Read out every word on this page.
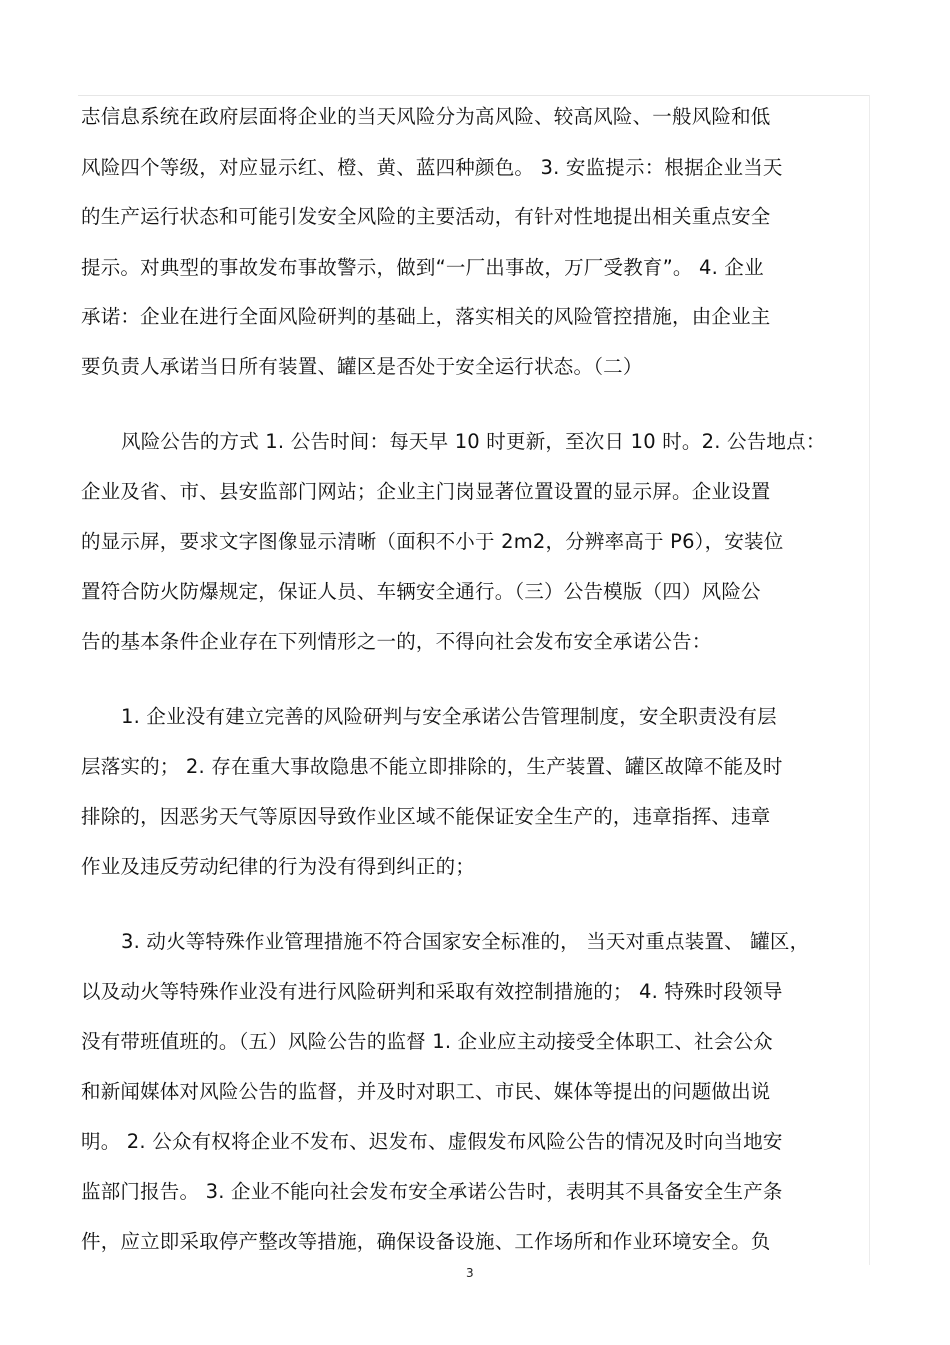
志信息系统在政府层面将企业的当天风险分为高风险、较高风险、一般风险和低
风险四个等级，对应显示红、橙、黄、蓝四种颜色。 3. 安监提示：根据企业当天
的生产运行状态和可能引发安全风险的主要活动，有针对性地提出相关重点安全
提示。对典型的事故发布事故警示，做到“一厂出事故，万厂受教育”。 4. 企业
承诺：企业在进行全面风险研判的基础上，落实相关的风险管控措施，由企业主
要负责人承诺当日所有装置、罐区是否处于安全运行状态。（二）
风险公告的方式 1. 公告时间：每天早 10 时更新，至次日 10 时。2. 公告地点：
企业及省、市、县安监部门网站；企业主门岗显著位置设置的显示屏。企业设置
的显示屏，要求文字图像显示清晰（面积不小于 2m2，分辨率高于 P6），安装位
置符合防火防爆规定，保证人员、车辆安全通行。（三）公告模版（四）风险公
告的基本条件企业存在下列情形之一的，不得向社会发布安全承诺公告：
1. 企业没有建立完善的风险研判与安全承诺公告管理制度，安全职责没有层
层落实的； 2. 存在重大事故隐患不能立即排除的，生产装置、罐区故障不能及时
排除的，因恶劣天气等原因导致作业区域不能保证安全生产的，违章指挥、违章
作业及违反劳动纪律的行为没有得到纠正的；
3. 动火等特殊作业管理措施不符合国家安全标准的， 当天对重点装置、 罐区，
以及动火等特殊作业没有进行风险研判和采取有效控制措施的； 4. 特殊时段领导
没有带班值班的。（五）风险公告的监督 1. 企业应主动接受全体职工、社会公众
和新闻媒体对风险公告的监督，并及时对职工、市民、媒体等提出的问题做出说
明。 2. 公众有权将企业不发布、迟发布、虚假发布风险公告的情况及时向当地安
监部门报告。 3. 企业不能向社会发布安全承诺公告时，表明其不具备安全生产条
件，应立即采取停产整改等措施，确保设备设施、工作场所和作业环境安全。负
3
